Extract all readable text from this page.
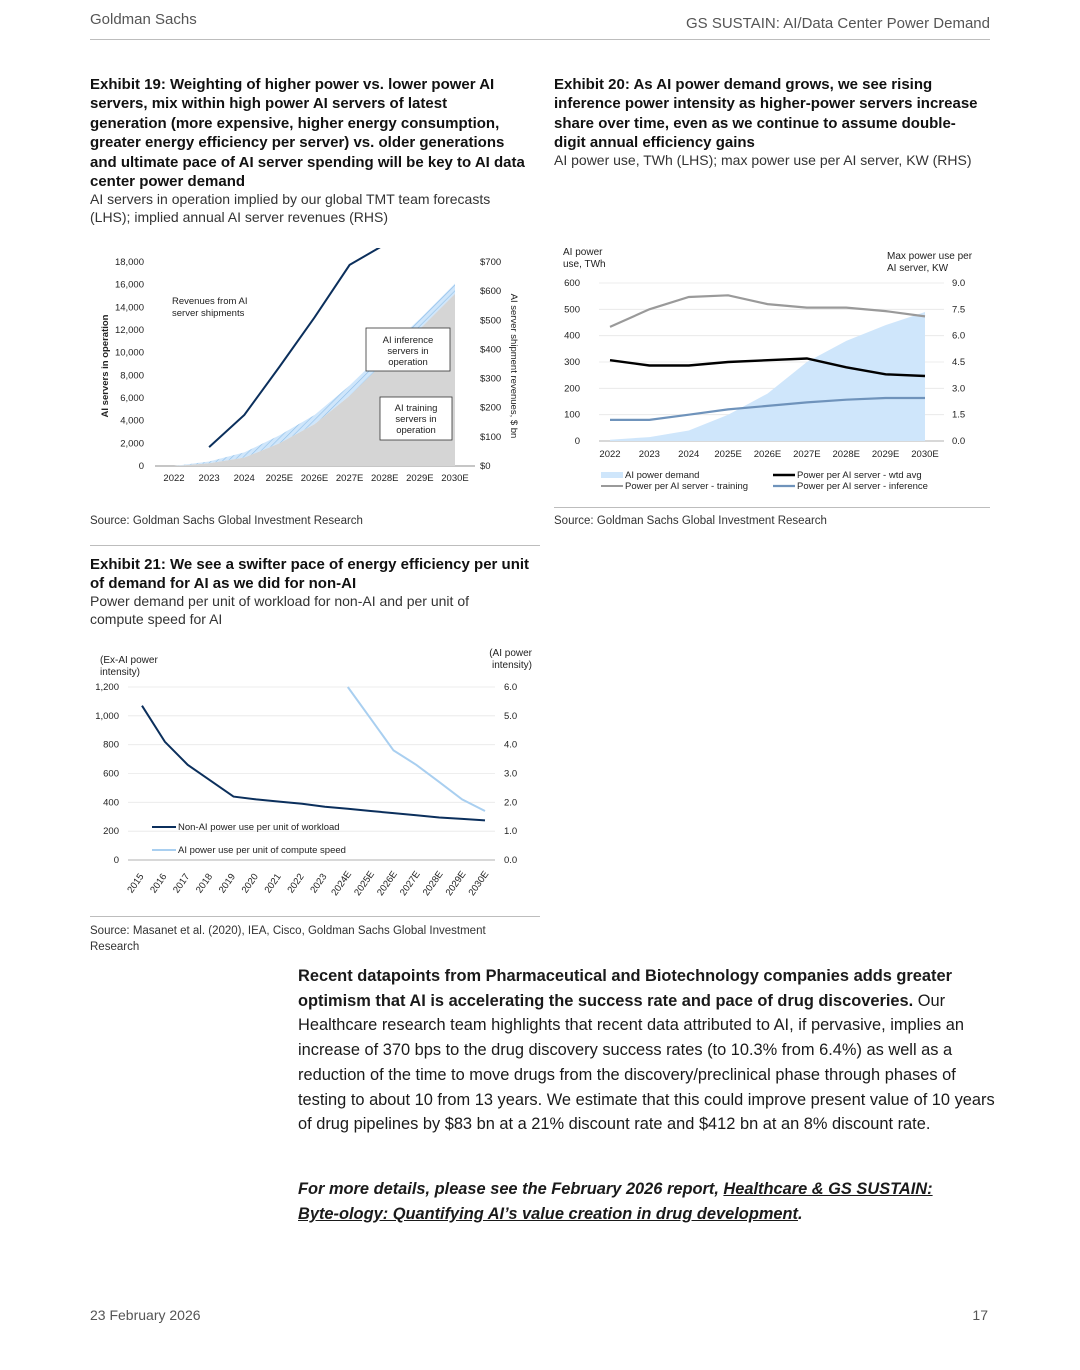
Goldman Sachs	GS SUSTAIN: AI/Data Center Power Demand
Exhibit 19: Weighting of higher power vs. lower power AI servers, mix within high power AI servers of latest generation (more expensive, higher energy consumption, greater energy efficiency per server) vs. older generations and ultimate pace of AI server spending will be key to AI data center power demand
AI servers in operation implied by our global TMT team forecasts (LHS); implied annual AI server revenues (RHS)
0
2,000
4,000
6,000
8,000
10,000
12,000
14,000
16,000
18,000
$0
$100
$200
$300
$400
$500
$600
$700
2022 2023 2024 2025E 2026E 2027E 2028E 2029E 2030E
AI servers in operation	AI server shipment revenues, $ bn
Revenues from AI server shipments
AI inference servers in operation
AI training servers in operation
Source: Goldman Sachs Global Investment Research
Exhibit 20: As AI power demand grows, we see rising inference power intensity as higher-power servers increase share over time, even as we continue to assume double-digit annual efficiency gains
AI power use, TWh (LHS); max power use per AI server, KW (RHS)
AI power use, TWh
Max power use per AI server, KW
0
100
200
300
400
500
600
0.0
1.5
3.0
4.5
6.0
7.5
9.0
2022 2023 2024 2025E 2026E 2027E 2028E 2029E 2030E
AI power demand
Power per AI server - training
Power per AI server - wtd avg
Power per AI server - inference
Source: Goldman Sachs Global Investment Research
Exhibit 21: We see a swifter pace of energy efficiency per unit of demand for AI as we did for non-AI
Power demand per unit of workload for non-AI and per unit of compute speed for AI
(Ex-AI power intensity)
(AI power intensity)
0
200
400
600
800
1,000
1,200
0.0
1.0
2.0
3.0
4.0
5.0
6.0
2015 2016 2017 2018 2019 2020 2021 2022 2023 2024E
2025E
2026E
2027E
2028E
2029E
2030E
Non-AI power use per unit of workload
AI power use per unit of compute speed
Source: Masanet et al. (2020), IEA, Cisco, Goldman Sachs Global Investment Research
Recent datapoints from Pharmaceutical and Biotechnology companies adds greater optimism that AI is accelerating the success rate and pace of drug discoveries. Our Healthcare research team highlights that recent data attributed to AI, if pervasive, implies an increase of 370 bps to the drug discovery success rates (to 10.3% from 6.4%) as well as a reduction of the time to move drugs from the discovery/preclinical phase through phases of testing to about 10 from 13 years. We estimate that this could improve present value of 10 years of drug pipelines by $83 bn at a 21% discount rate and $412 bn at an 8% discount rate.
For more details, please see the February 2026 report, Healthcare & GS SUSTAIN: Byte-ology: Quantifying AI’s value creation in drug development.
23 February 2026	17
